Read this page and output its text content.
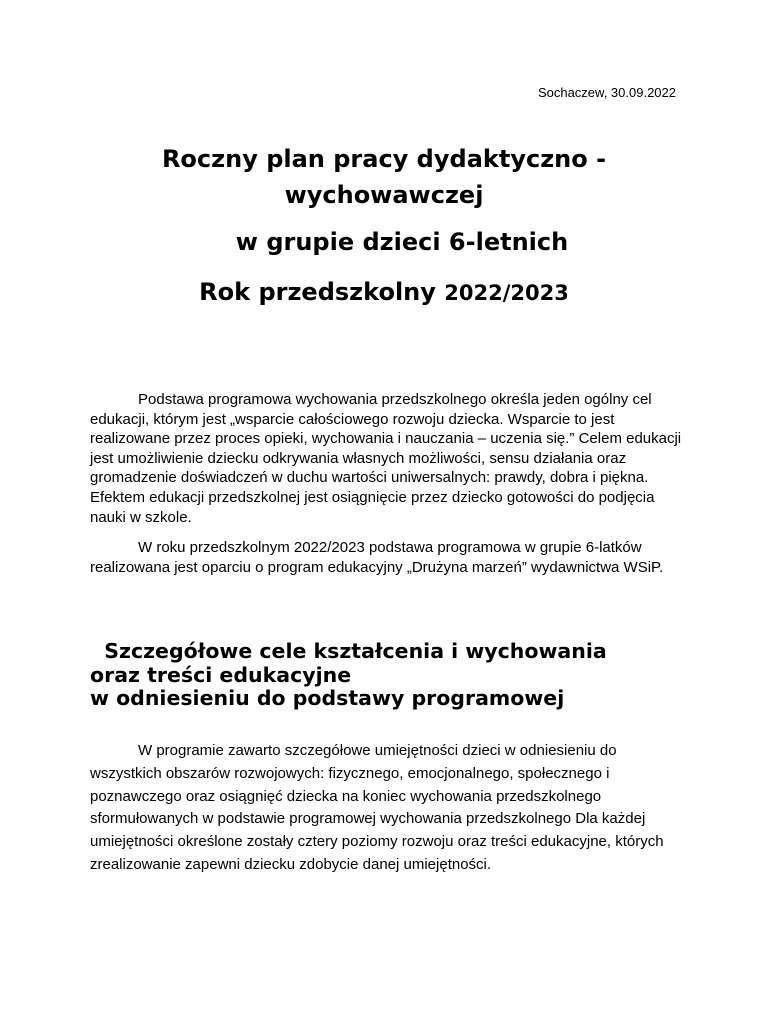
Sochaczew, 30.09.2022
Roczny plan pracy dydaktyczno -
wychowawczej
w grupie dzieci 6-letnich
Rok przedszkolny 2022/2023

Podstawa programowa wychowania przedszkolnego określa jeden ogólny cel edukacji, którym jest „wsparcie całościowego rozwoju dziecka. Wsparcie to jest realizowane przez proces opieki, wychowania i nauczania – uczenia się.” Celem edukacji jest umożliwienie dziecku odkrywania własnych możliwości, sensu działania oraz gromadzenie doświadczeń w duchu wartości uniwersalnych: prawdy, dobra i piękna. Efektem edukacji przedszkolnej jest osiągnięcie przez dziecko gotowości do podjęcia nauki w szkole.

W roku przedszkolnym 2022/2023 podstawa programowa w grupie 6-latków realizowana jest oparciu o program edukacyjny „Drużyna marzeń” wydawnictwa WSiP.

Szczegółowe cele kształcenia i wychowania
oraz treści edukacyjne
w odniesieniu do podstawy programowej

W programie zawarto szczegółowe umiejętności dzieci w odniesieniu do wszystkich obszarów rozwojowych: fizycznego, emocjonalnego, społecznego i poznawczego oraz osiągnięć dziecka na koniec wychowania przedszkolnego sformułowanych w podstawie programowej wychowania przedszkolnego Dla każdej umiejętności określone zostały cztery poziomy rozwoju oraz treści edukacyjne, których zrealizowanie zapewni dziecku zdobycie danej umiejętności.
